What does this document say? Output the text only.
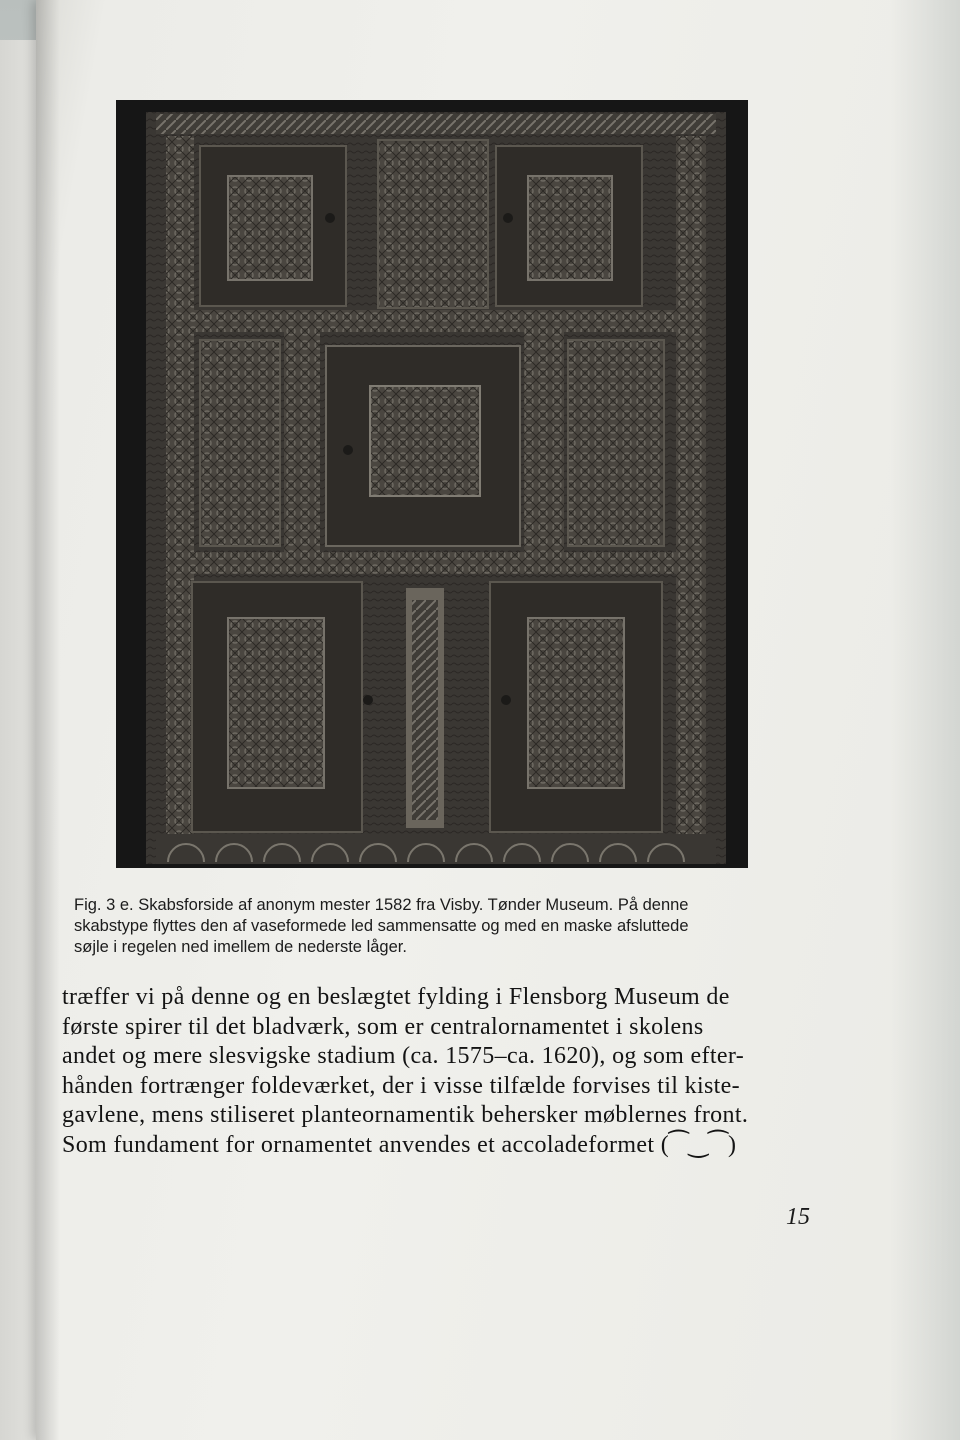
Fig. 3 e. Skabsforside af anonym mester 1582 fra Visby. Tønder Museum. På denne
skabstype flyttes den af vaseformede led sammensatte og med en maske afsluttede
søjle i regelen ned imellem de nederste låger.

træffer vi på denne og en beslægtet fylding i Flensborg Museum de
første spirer til det bladværk, som er centralornamentet i skolens
andet og mere slesvigske stadium (ca. 1575–ca. 1620), og som efter-
hånden fortrænger foldeværket, der i visse tilfælde forvises til kiste-
gavlene, mens stiliseret planteornamentik behersker møblernes front.
Som fundament for ornamentet anvendes et accoladeformet (⁀‿⁀)
15
